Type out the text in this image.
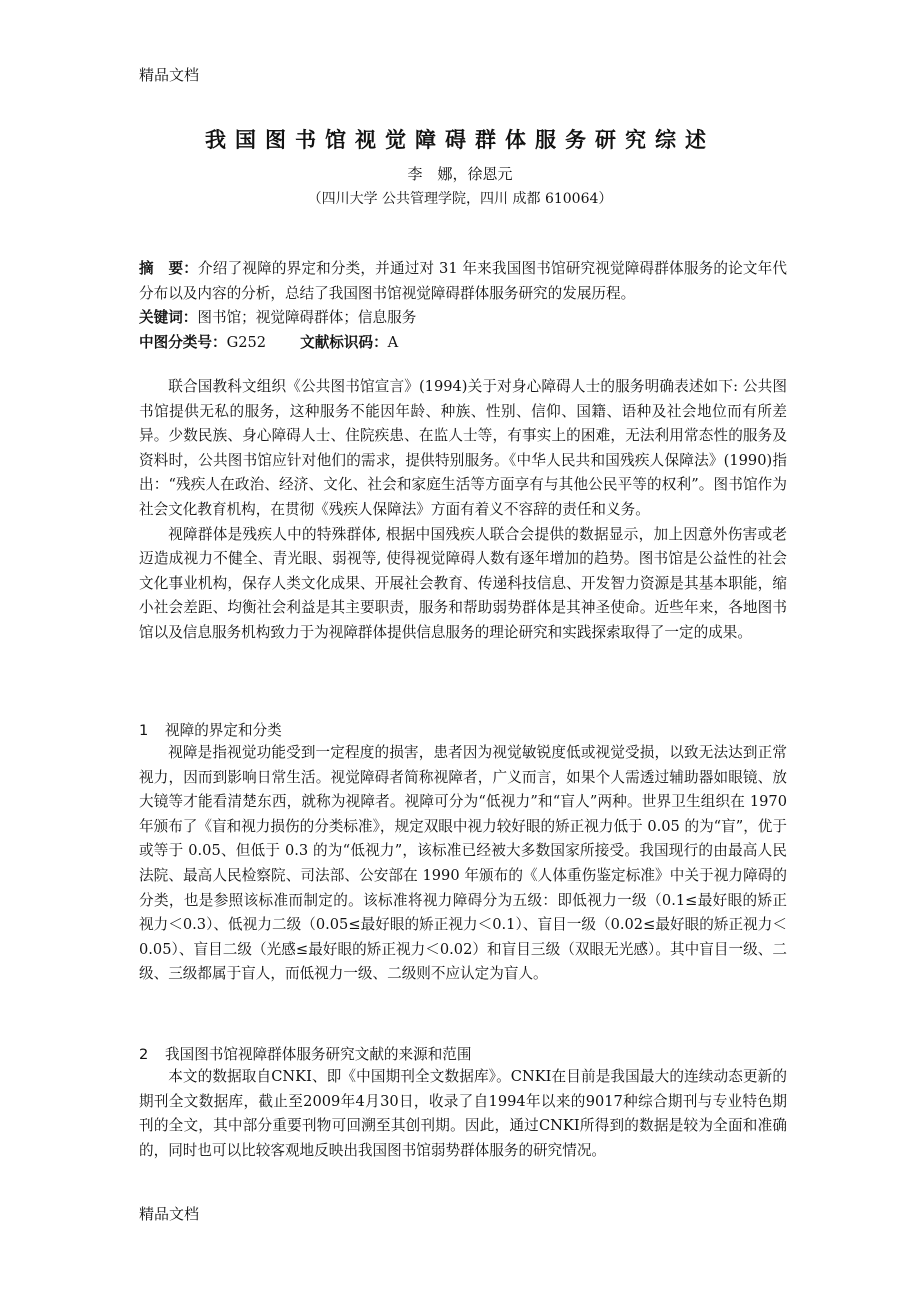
精品文档
我国图书馆视觉障碍群体服务研究综述
李　娜，徐恩元
（四川大学 公共管理学院，四川 成都 610064）

摘　要：介绍了视障的界定和分类，并通过对 31 年来我国图书馆研究视觉障碍群体服务的论文年代分布以及内容的分析，总结了我国图书馆视觉障碍群体服务研究的发展历程。

关键词：图书馆；视觉障碍群体；信息服务

中图分类号：G252 文献标识码：A

联合国教科文组织《公共图书馆宣言》(1994)关于对身心障碍人士的服务明确表述如下: 公共图书馆提供无私的服务，这种服务不能因年龄、种族、性别、信仰、国籍、语种及社会地位而有所差异。少数民族、身心障碍人士、住院疾患、在监人士等，有事实上的困难，无法利用常态性的服务及资料时，公共图书馆应针对他们的需求，提供特别服务。《中华人民共和国残疾人保障法》(1990)指出：“残疾人在政治、经济、文化、社会和家庭生活等方面享有与其他公民平等的权利”。图书馆作为社会文化教育机构，在贯彻《残疾人保障法》方面有着义不容辞的责任和义务。

视障群体是残疾人中的特殊群体, 根据中国残疾人联合会提供的数据显示，加上因意外伤害或老迈造成视力不健全、青光眼、弱视等, 使得视觉障碍人数有逐年增加的趋势。图书馆是公益性的社会文化事业机构，保存人类文化成果、开展社会教育、传递科技信息、开发智力资源是其基本职能，缩小社会差距、均衡社会利益是其主要职责，服务和帮助弱势群体是其神圣使命。近些年来，各地图书馆以及信息服务机构致力于为视障群体提供信息服务的理论研究和实践探索取得了一定的成果。

1 视障的界定和分类

视障是指视觉功能受到一定程度的损害，患者因为视觉敏锐度低或视觉受损，以致无法达到正常视力，因而到影响日常生活。视觉障碍者简称视障者，广义而言，如果个人需透过辅助器如眼镜、放大镜等才能看清楚东西，就称为视障者。视障可分为“低视力”和“盲人”两种。世界卫生组织在 1970 年颁布了《盲和视力损伤的分类标准》，规定双眼中视力较好眼的矫正视力低于 0.05 的为“盲”，优于或等于 0.05、但低于 0.3 的为“低视力”，该标准已经被大多数国家所接受。我国现行的由最高人民法院、最高人民检察院、司法部、公安部在 1990 年颁布的《人体重伤鉴定标准》中关于视力障碍的分类，也是参照该标准而制定的。该标准将视力障碍分为五级：即低视力一级（0.1≤最好眼的矫正视力＜0.3）、低视力二级（0.05≤最好眼的矫正视力＜0.1）、盲目一级（0.02≤最好眼的矫正视力＜0.05）、盲目二级（光感≤最好眼的矫正视力＜0.02）和盲目三级（双眼无光感）。其中盲目一级、二级、三级都属于盲人，而低视力一级、二级则不应认定为盲人。

2 我国图书馆视障群体服务研究文献的来源和范围

本文的数据取自CNKI、即《中国期刊全文数据库》。CNKI在目前是我国最大的连续动态更新的期刊全文数据库，截止至2009年4月30日，收录了自1994年以来的9017种综合期刊与专业特色期刊的全文，其中部分重要刊物可回溯至其创刊期。因此，通过CNKI所得到的数据是较为全面和准确的，同时也可以比较客观地反映出我国图书馆弱势群体服务的研究情况。

精品文档
